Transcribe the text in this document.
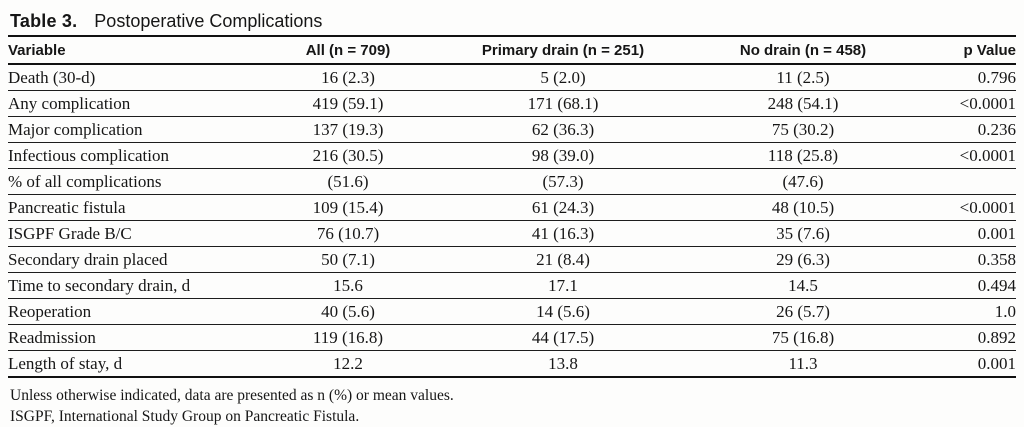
Table 3. Postoperative Complications
Variable	All (n = 709)	Primary drain (n = 251)	No drain (n = 458)	p Value
Death (30-d)	16 (2.3)	5 (2.0)	11 (2.5)	0.796
Any complication	419 (59.1)	171 (68.1)	248 (54.1)	<0.0001
Major complication	137 (19.3)	62 (36.3)	75 (30.2)	0.236
Infectious complication	216 (30.5)	98 (39.0)	118 (25.8)	<0.0001
% of all complications	(51.6)	(57.3)	(47.6)	
Pancreatic fistula	109 (15.4)	61 (24.3)	48 (10.5)	<0.0001
ISGPF Grade B/C	76 (10.7)	41 (16.3)	35 (7.6)	0.001
Secondary drain placed	50 (7.1)	21 (8.4)	29 (6.3)	0.358
Time to secondary drain, d	15.6	17.1	14.5	0.494
Reoperation	40 (5.6)	14 (5.6)	26 (5.7)	1.0
Readmission	119 (16.8)	44 (17.5)	75 (16.8)	0.892
Length of stay, d	12.2	13.8	11.3	0.001
Unless otherwise indicated, data are presented as n (%) or mean values.
ISGPF, International Study Group on Pancreatic Fistula.
